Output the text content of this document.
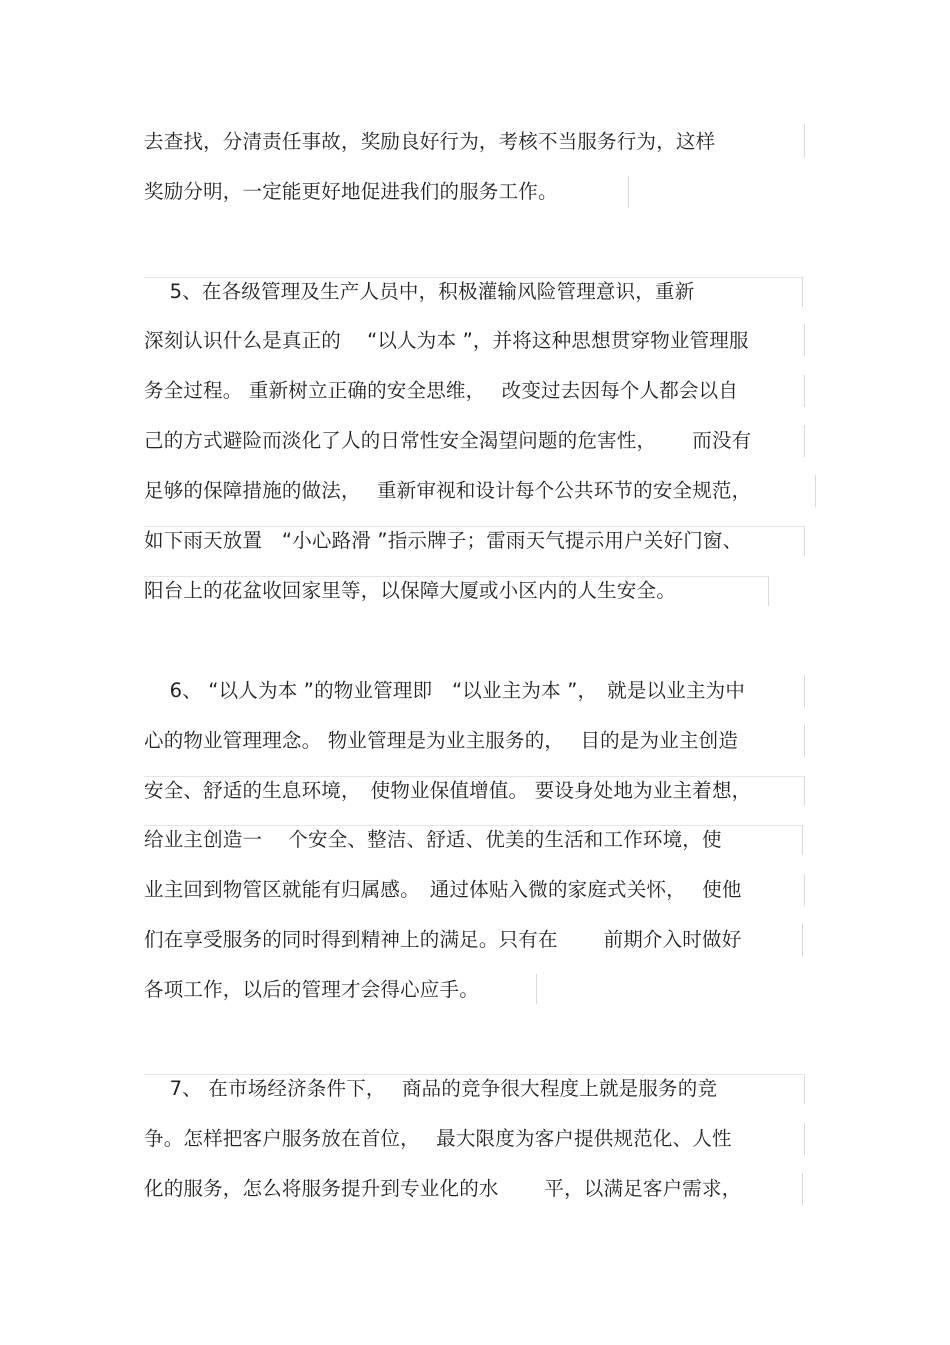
去查找，分清责任事故，奖励良好行为，考核不当服务行为，这样
奖励分明，一定能更好地促进我们的服务工作。
5、在各级管理及生产人员中，积极灌输风险管理意识，重新
深刻认识什么是真正的　 “以人为本 ”，并将这种思想贯穿物业管理服
务全过程。 重新树立正确的安全思维，　 改变过去因每个人都会以自
己的方式避险而淡化了人的日常性安全渴望问题的危害性，　　 而没有
足够的保障措施的做法，　 重新审视和设计每个公共环节的安全规范，
如下雨天放置　“小心路滑 ”指示牌子；雷雨天气提示用户关好门窗、
阳台上的花盆收回家里等，以保障大厦或小区内的人生安全。
6、 “以人为本 ”的物业管理即　“以业主为本 ”，　就是以业主为中
心的物业管理理念。 物业管理是为业主服务的，　 目的是为业主创造
安全、舒适的生息环境，　使物业保值增值。 要设身处地为业主着想，
给业主创造一　 个安全、整洁、舒适、优美的生活和工作环境，使
业主回到物管区就能有归属感。　通过体贴入微的家庭式关怀，　 使他
们在享受服务的同时得到精神上的满足。只有在　　 前期介入时做好
各项工作，以后的管理才会得心应手。
7、 在市场经济条件下，　 商品的竞争很大程度上就是服务的竞
争。怎样把客户服务放在首位，　 最大限度为客户提供规范化、人性
化的服务，怎么将服务提升到专业化的水　　 平，以满足客户需求，
